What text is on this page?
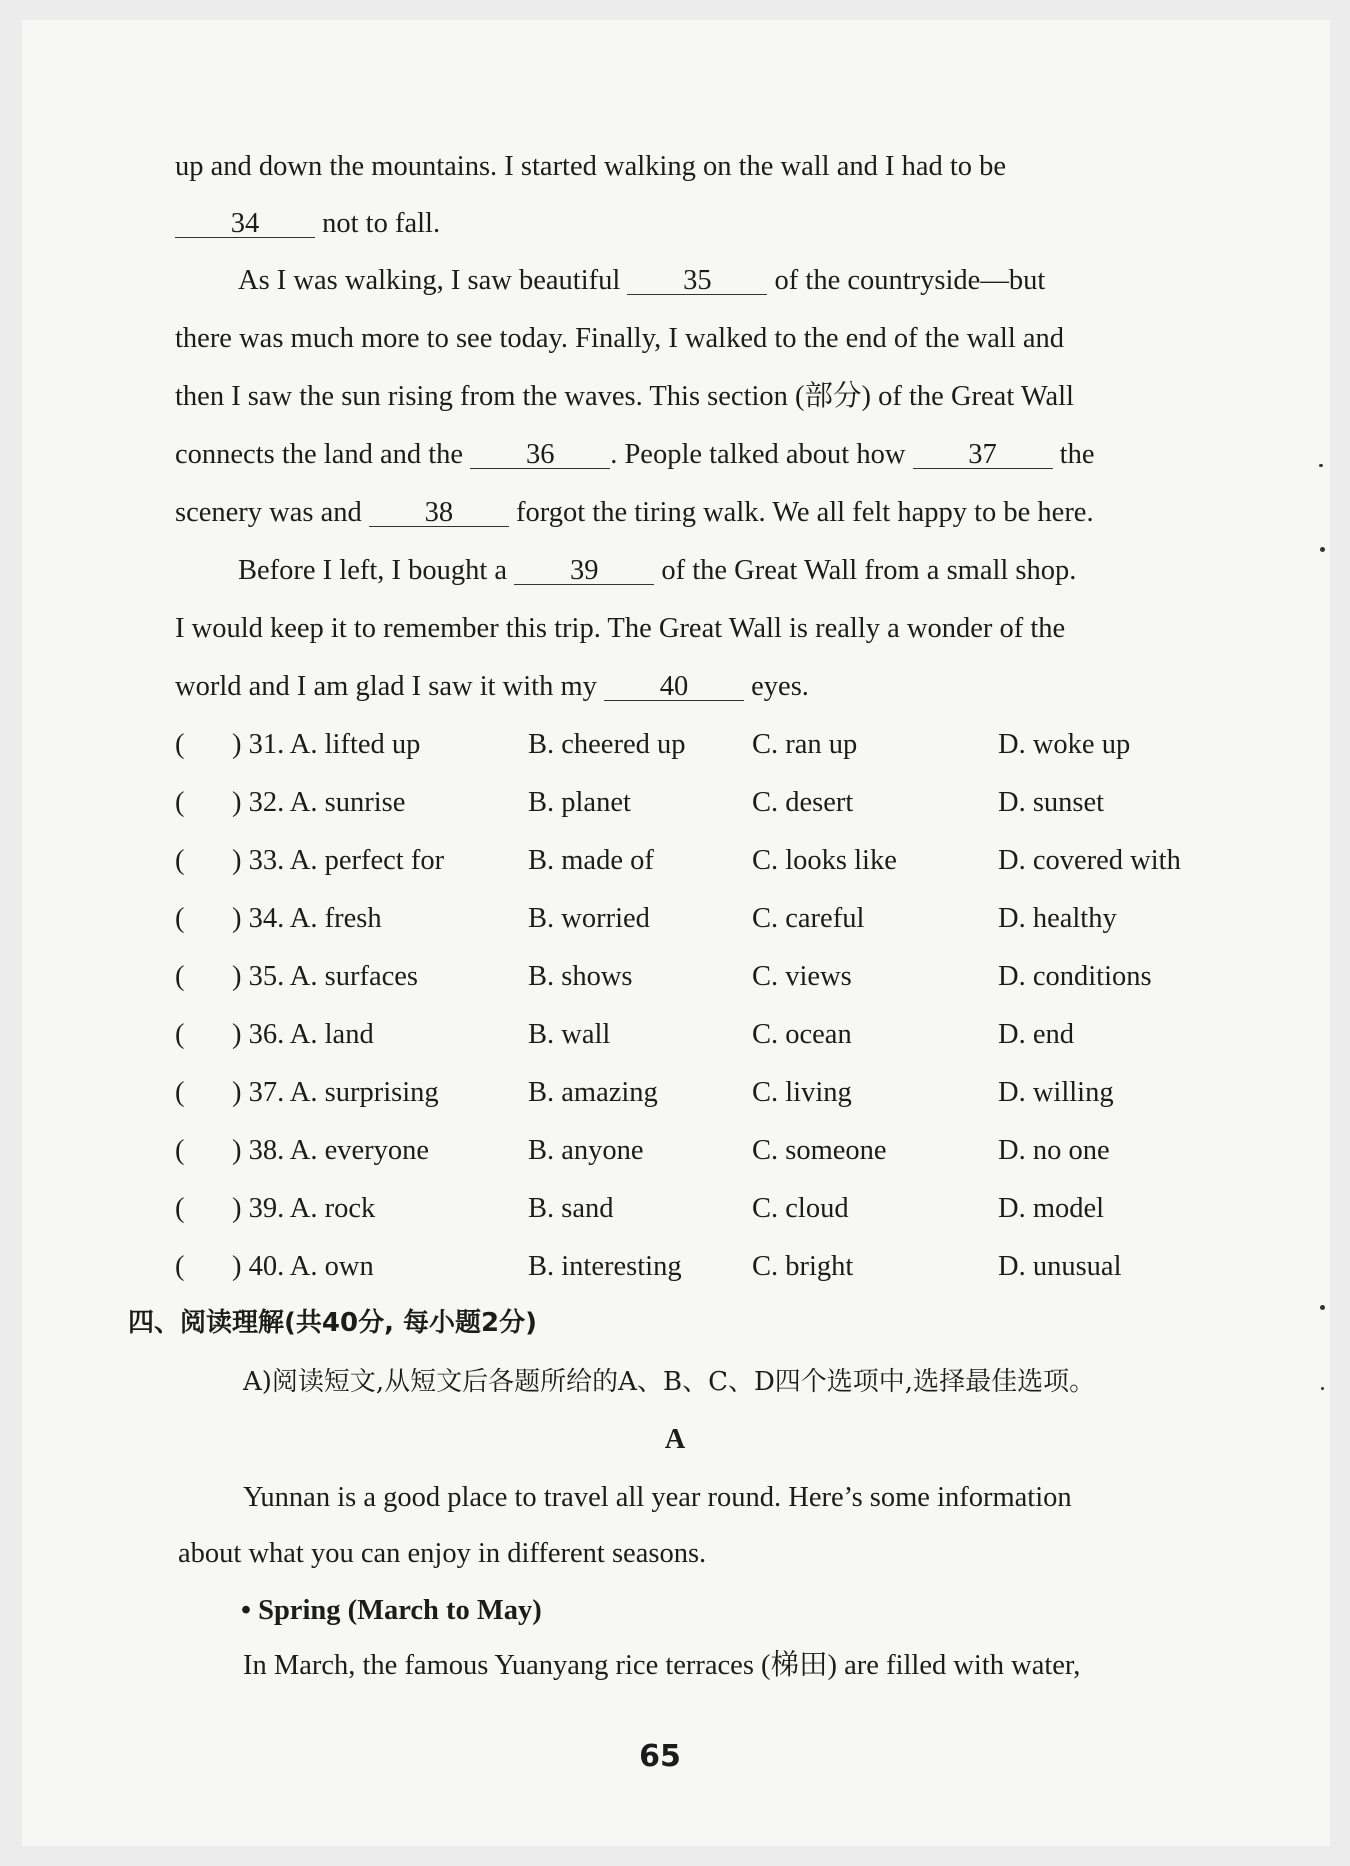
up and down the mountains. I started walking on the wall and I had to be
34 not to fall.
As I was walking, I saw beautiful 35 of the countryside—but
there was much more to see today. Finally, I walked to the end of the wall and
then I saw the sun rising from the waves. This section (部分) of the Great Wall
connects the land and the 36 . People talked about how 37 the
scenery was and 38 forgot the tiring walk. We all felt happy to be here.
Before I left, I bought a 39 of the Great Wall from a small shop.
I would keep it to remember this trip. The Great Wall is really a wonder of the
world and I am glad I saw it with my 40 eyes.
( ) 31. A. lifted up	B. cheered up C. ran up	D. woke up
( ) 32. A. sunrise	B. planet	C. desert	D. sunset
( ) 33. A. perfect for	B. made of	C. looks like	D. covered with
( ) 34. A. fresh	B. worried	C. careful	D. healthy
( ) 35. A. surfaces	B. shows	C. views	D. conditions
( ) 36. A. land	B. wall	C. ocean	D. end
( ) 37. A. surprising	B. amazing	C. living	D. willing
( ) 38. A. everyone	B. anyone	C. someone	D. no one
( ) 39. A. rock	B. sand	C. cloud	D. model
( ) 40. A. own	B. interesting C. bright	D. unusual
四、阅读理解(共40分, 每小题2分)
A)阅读短文,从短文后各题所给的A、B、C、D四个选项中,选择最佳选项。
A
Yunnan is a good place to travel all year round. Here’s some information
about what you can enjoy in different seasons.
• Spring (March to May)
In March, the famous Yuanyang rice terraces (梯田) are filled with water,
65
